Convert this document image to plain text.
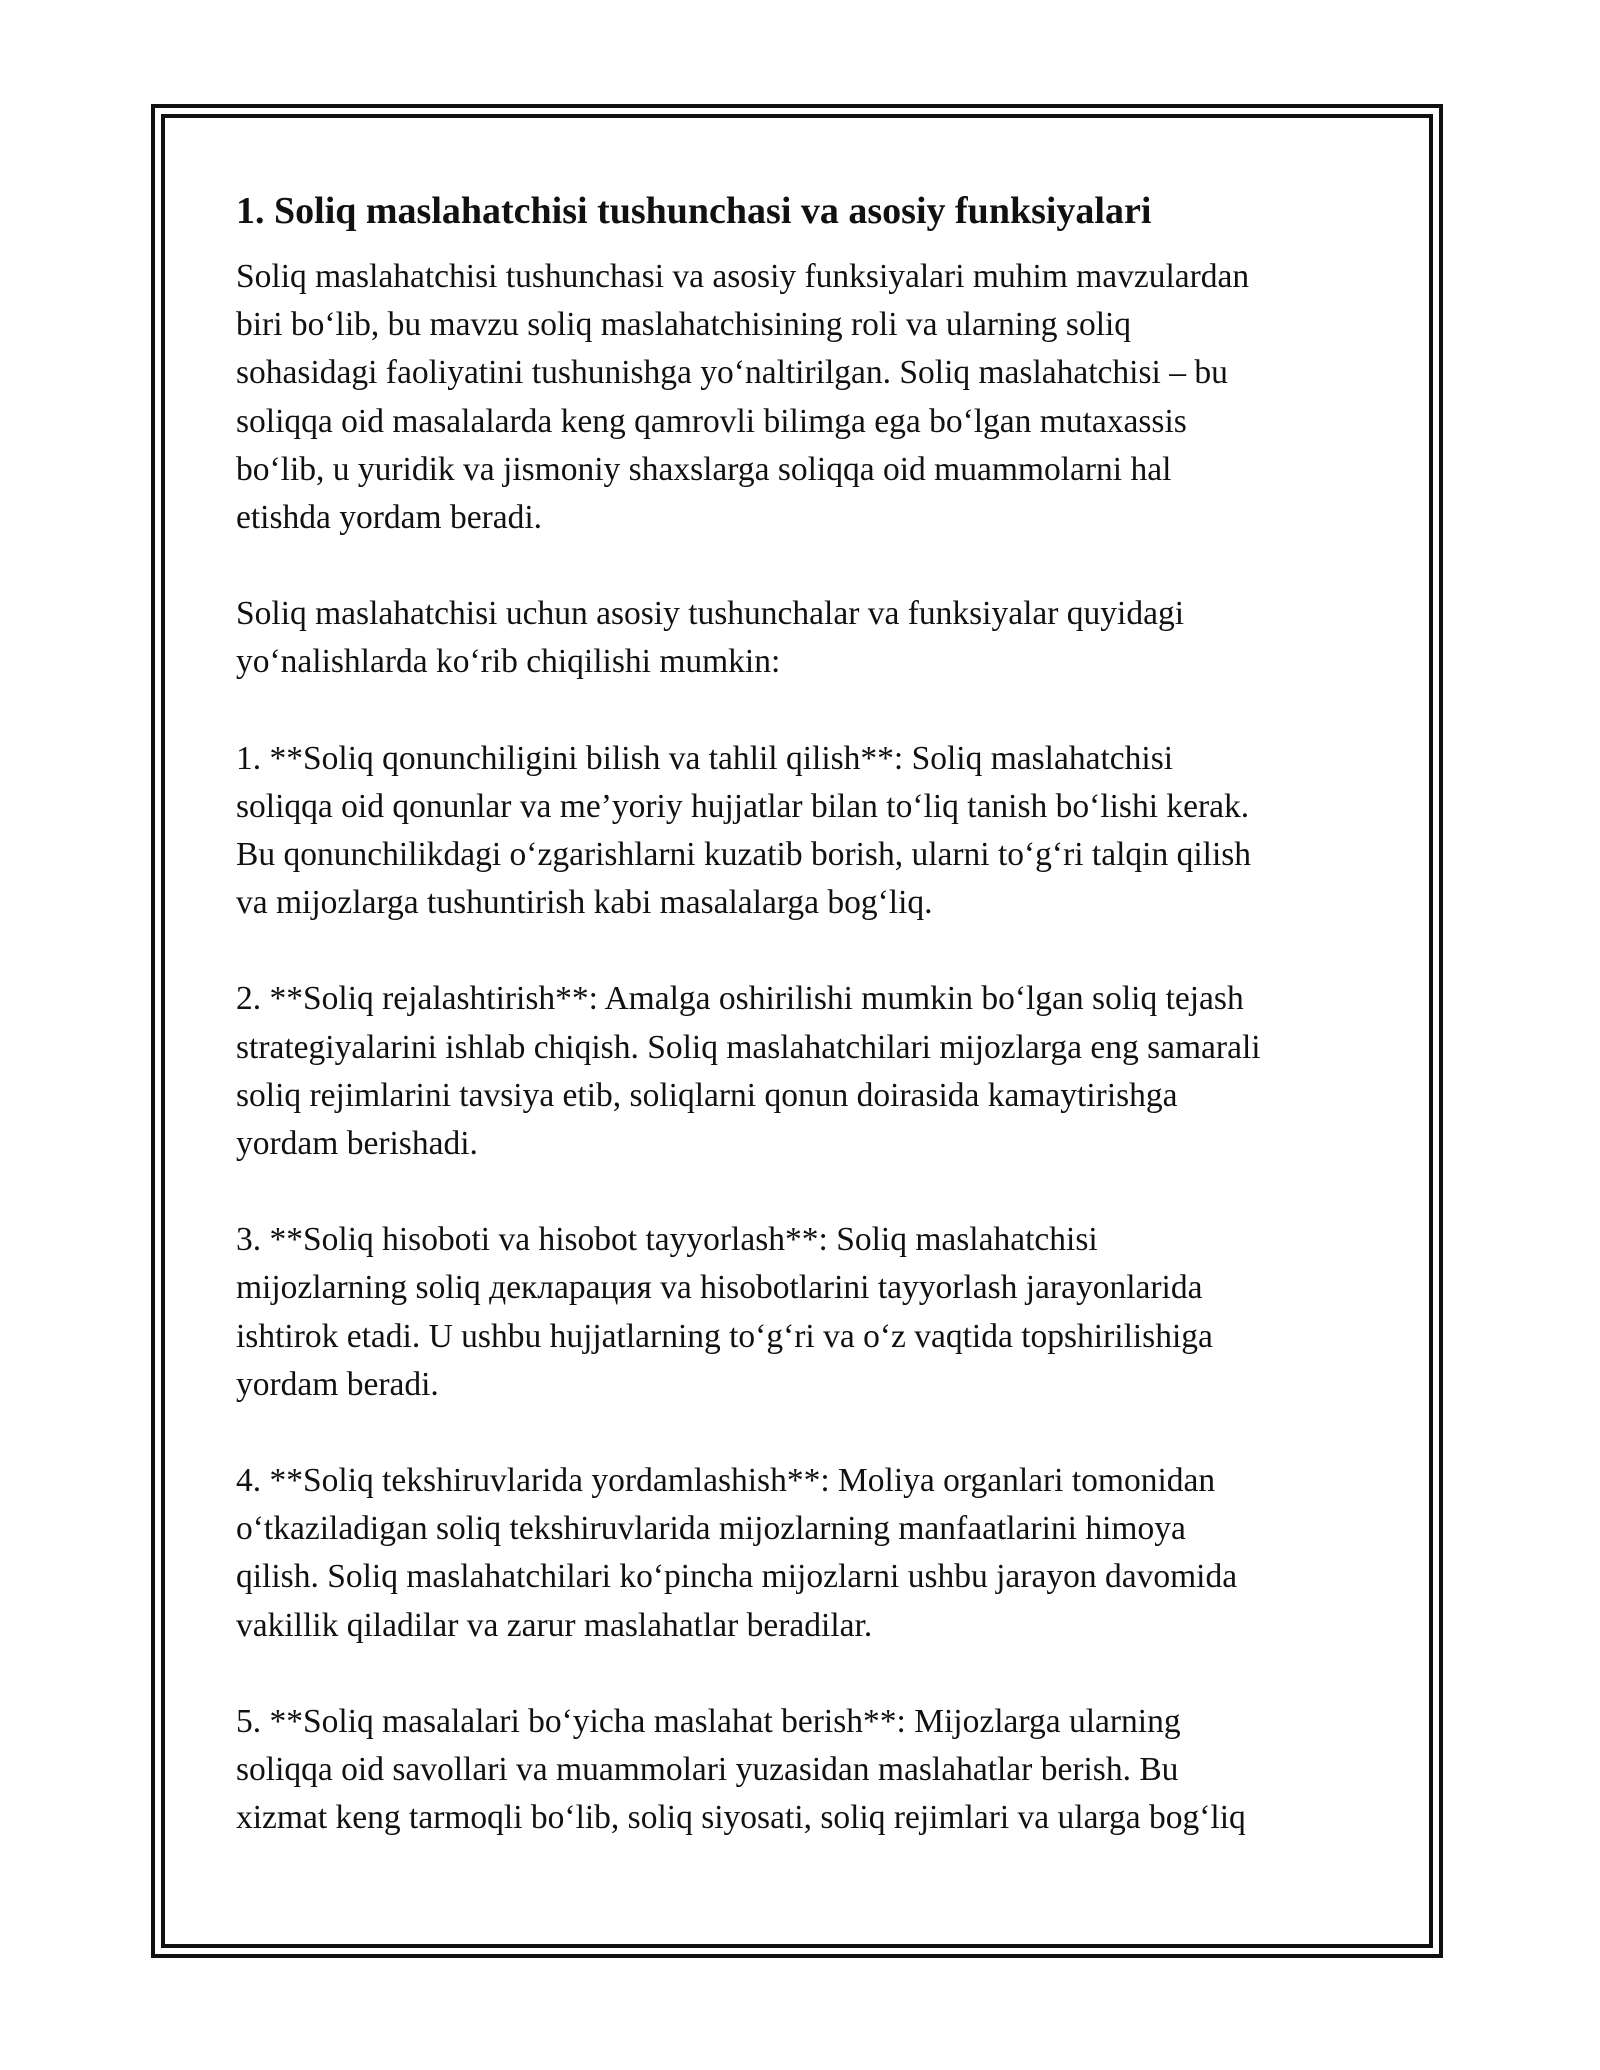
1. Soliq maslahatchisi tushunchasi va asosiy funksiyalari

Soliq maslahatchisi tushunchasi va asosiy funksiyalari muhim mavzulardan
biri bo‘lib, bu mavzu soliq maslahatchisining roli va ularning soliq
sohasidagi faoliyatini tushunishga yo‘naltirilgan. Soliq maslahatchisi – bu
soliqqa oid masalalarda keng qamrovli bilimga ega bo‘lgan mutaxassis
bo‘lib, u yuridik va jismoniy shaxslarga soliqqa oid muammolarni hal
etishda yordam beradi.

Soliq maslahatchisi uchun asosiy tushunchalar va funksiyalar quyidagi
yo‘nalishlarda ko‘rib chiqilishi mumkin:

1. **Soliq qonunchiligini bilish va tahlil qilish**: Soliq maslahatchisi
soliqqa oid qonunlar va me’yoriy hujjatlar bilan to‘liq tanish bo‘lishi kerak.
Bu qonunchilikdagi o‘zgarishlarni kuzatib borish, ularni to‘g‘ri talqin qilish
va mijozlarga tushuntirish kabi masalalarga bog‘liq.

2. **Soliq rejalashtirish**: Amalga oshirilishi mumkin bo‘lgan soliq tejash
strategiyalarini ishlab chiqish. Soliq maslahatchilari mijozlarga eng samarali
soliq rejimlarini tavsiya etib, soliqlarni qonun doirasida kamaytirishga
yordam berishadi.

3. **Soliq hisoboti va hisobot tayyorlash**: Soliq maslahatchisi
mijozlarning soliq декларация va hisobotlarini tayyorlash jarayonlarida
ishtirok etadi. U ushbu hujjatlarning to‘g‘ri va o‘z vaqtida topshirilishiga
yordam beradi.

4. **Soliq tekshiruvlarida yordamlashish**: Moliya organlari tomonidan
o‘tkaziladigan soliq tekshiruvlarida mijozlarning manfaatlarini himoya
qilish. Soliq maslahatchilari ko‘pincha mijozlarni ushbu jarayon davomida
vakillik qiladilar va zarur maslahatlar beradilar.

5. **Soliq masalalari bo‘yicha maslahat berish**: Mijozlarga ularning
soliqqa oid savollari va muammolari yuzasidan maslahatlar berish. Bu
xizmat keng tarmoqli bo‘lib, soliq siyosati, soliq rejimlari va ularga bog‘liq
